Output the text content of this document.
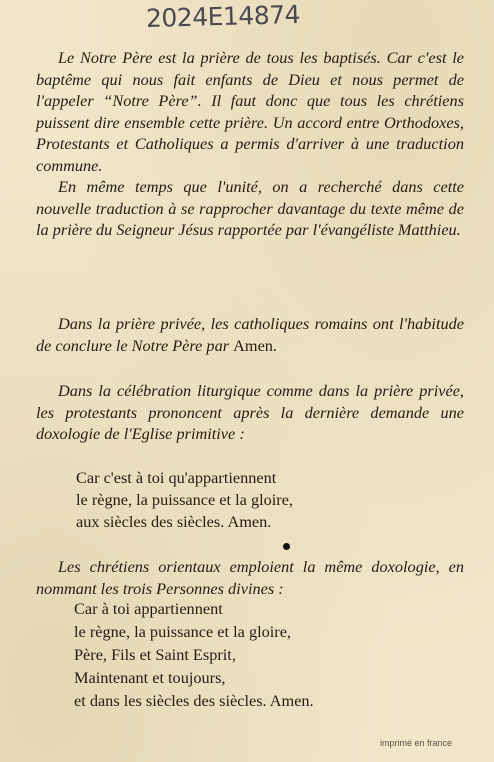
2024E14874
Le Notre Père est la prière de tous les baptisés. Car c'est le baptême qui nous fait enfants de Dieu et nous permet de l'appeler “Notre Père”. Il faut donc que tous les chrétiens puissent dire ensemble cette prière. Un accord entre Orthodoxes, Protestants et Catholiques a permis d'arriver à une traduction commune.
En même temps que l'unité, on a recherché dans cette nouvelle traduction à se rapprocher davantage du texte même de la prière du Seigneur Jésus rapportée par l'évangéliste Matthieu.
Dans la prière privée, les catholiques romains ont l'habitude de conclure le Notre Père par Amen.
Dans la célébration liturgique comme dans la prière privée, les protestants prononcent après la dernière demande une doxologie de l'Eglise primitive :
Car c'est à toi qu'appartiennent
le règne, la puissance et la gloire,
aux siècles des siècles. Amen.
Les chrétiens orientaux emploient la même doxologie, en nommant les trois Personnes divines :
Car à toi appartiennent
le règne, la puissance et la gloire,
Père, Fils et Saint Esprit,
Maintenant et toujours,
et dans les siècles des siècles. Amen.
imprimé en france
